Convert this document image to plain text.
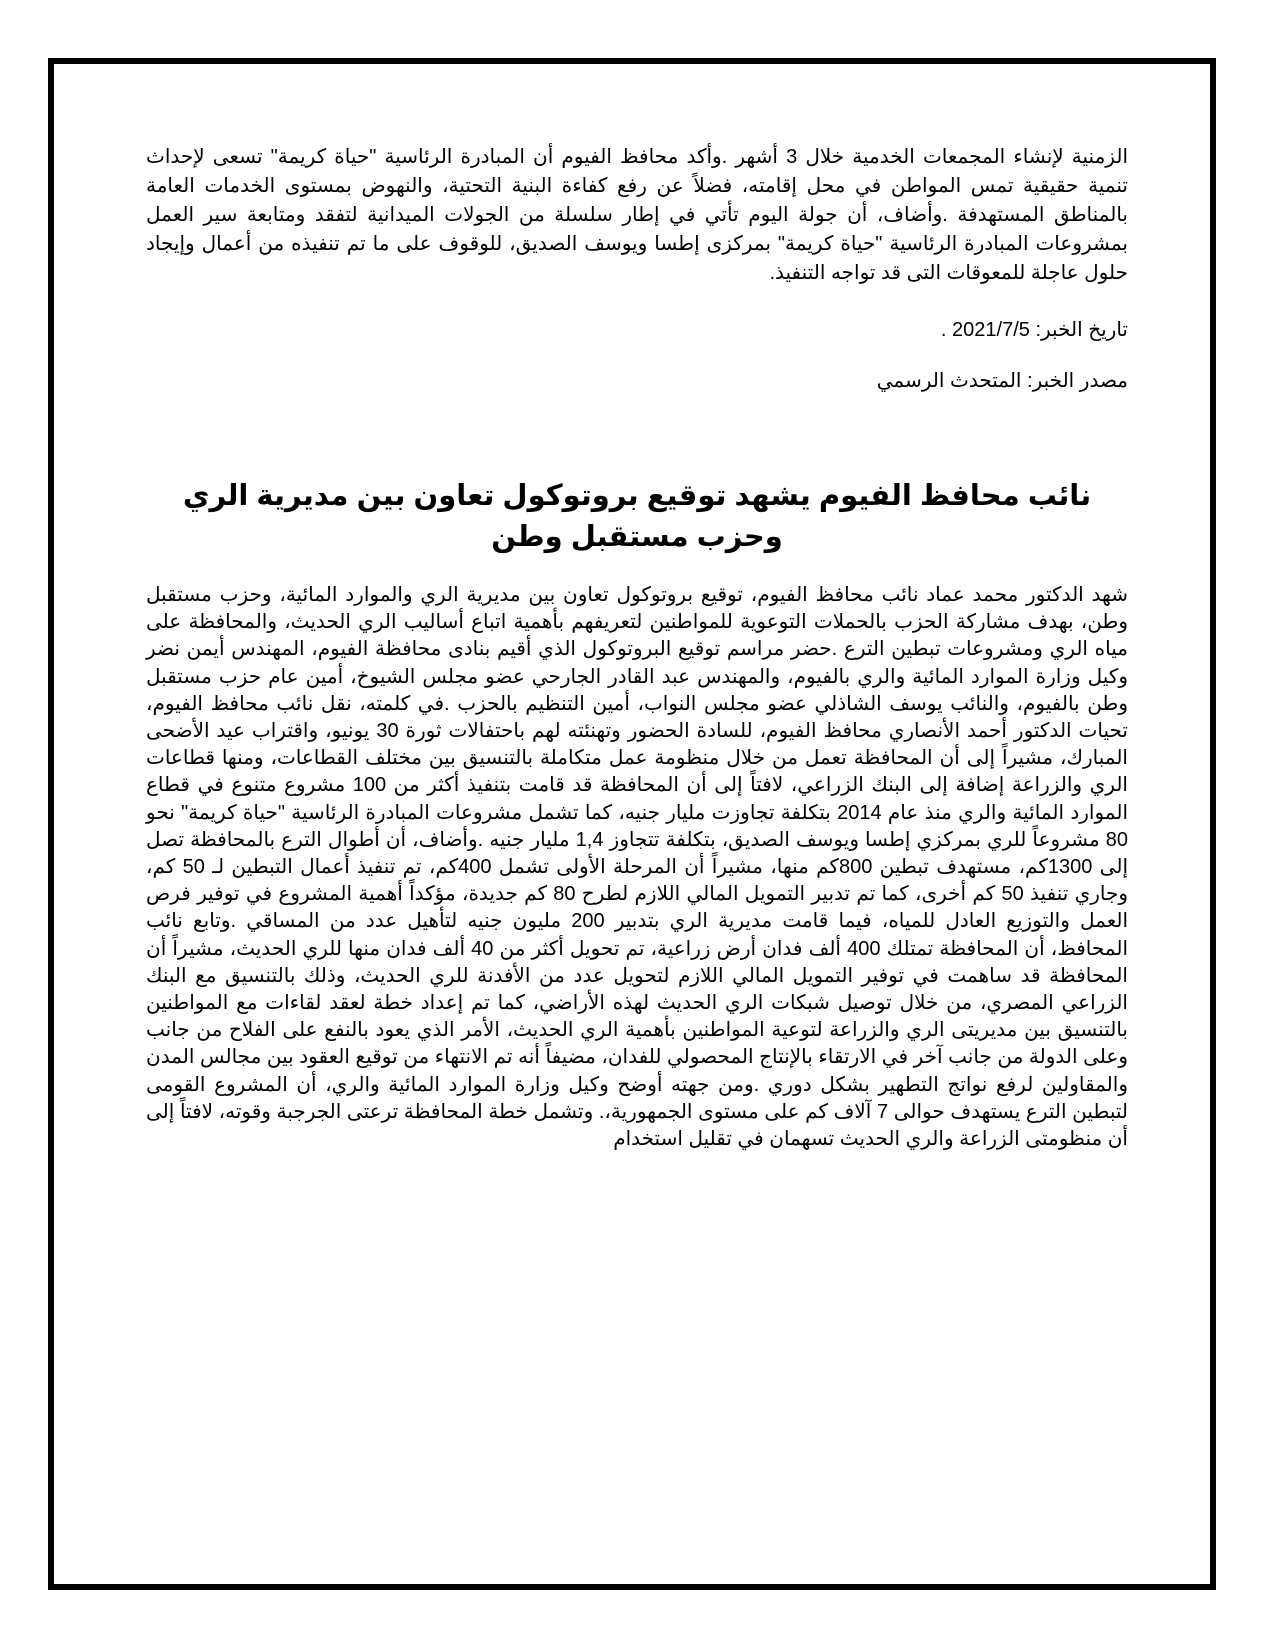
الزمنية لإنشاء المجمعات الخدمية خلال 3 أشهر .وأكد محافظ الفيوم أن المبادرة الرئاسية "حياة كريمة" تسعى لإحداث تنمية حقيقية تمس المواطن في محل إقامته، فضلاً عن رفع كفاءة البنية التحتية، والنهوض بمستوى الخدمات العامة بالمناطق المستهدفة .وأضاف، أن جولة اليوم تأتي في إطار سلسلة من الجولات الميدانية لتفقد ومتابعة سير العمل بمشروعات المبادرة الرئاسية "حياة كريمة" بمركزى إطسا ويوسف الصديق، للوقوف على ما تم تنفيذه من أعمال وإيجاد حلول عاجلة للمعوقات التى قد تواجه التنفيذ.

تاريخ الخبر: 2021/7/5 .

مصدر الخبر: المتحدث الرسمي

نائب محافظ الفيوم يشهد توقيع بروتوكول تعاون بين مديرية الري وحزب مستقبل وطن

شهد الدكتور محمد عماد نائب محافظ الفيوم، توقيع بروتوكول تعاون بين مديرية الري والموارد المائية، وحزب مستقبل وطن، بهدف مشاركة الحزب بالحملات التوعوية للمواطنين لتعريفهم بأهمية اتباع أساليب الري الحديث، والمحافظة على مياه الري ومشروعات تبطين الترع .حضر مراسم توقيع البروتوكول الذي أقيم بنادى محافظة الفيوم، المهندس أيمن نضر وكيل وزارة الموارد المائية والري بالفيوم، والمهندس عبد القادر الجارحي عضو مجلس الشيوخ، أمين عام حزب مستقبل وطن بالفيوم، والنائب يوسف الشاذلي عضو مجلس النواب، أمين التنظيم بالحزب .في كلمته، نقل نائب محافظ الفيوم، تحيات الدكتور أحمد الأنصاري محافظ الفيوم، للسادة الحضور وتهنئته لهم باحتفالات ثورة 30 يونيو، واقتراب عيد الأضحى المبارك، مشيراً إلى أن المحافظة تعمل من خلال منظومة عمل متكاملة بالتنسيق بين مختلف القطاعات، ومنها قطاعات الري والزراعة إضافة إلى البنك الزراعي، لافتاً إلى أن المحافظة قد قامت بتنفيذ أكثر من 100 مشروع متنوع في قطاع الموارد المائية والري منذ عام 2014 بتكلفة تجاوزت مليار جنيه، كما تشمل مشروعات المبادرة الرئاسية "حياة كريمة" نحو 80 مشروعاً للري بمركزي إطسا ويوسف الصديق، بتكلفة تتجاوز 1,4 مليار جنيه .وأضاف، أن أطوال الترع بالمحافظة تصل إلى 1300كم، مستهدف تبطين 800كم منها، مشيراً أن المرحلة الأولى تشمل 400كم، تم تنفيذ أعمال التبطين لـ 50 كم، وجاري تنفيذ 50 كم أخرى، كما تم تدبير التمويل المالي اللازم لطرح 80 كم جديدة، مؤكداً أهمية المشروع في توفير فرص العمل والتوزيع العادل للمياه، فيما قامت مديرية الري بتدبير 200 مليون جنيه لتأهيل عدد من المساقي .وتابع نائب المحافظ، أن المحافظة تمتلك 400 ألف فدان أرض زراعية، تم تحويل أكثر من 40 ألف فدان منها للري الحديث، مشيراً أن المحافظة قد ساهمت في توفير التمويل المالي اللازم لتحويل عدد من الأفدنة للري الحديث، وذلك بالتنسيق مع البنك الزراعي المصري، من خلال توصيل شبكات الري الحديث لهذه الأراضي، كما تم إعداد خطة لعقد لقاءات مع المواطنين بالتنسيق بين مديريتى الري والزراعة لتوعية المواطنين بأهمية الري الحديث، الأمر الذي يعود بالنفع على الفلاح من جانب وعلى الدولة من جانب آخر في الارتقاء بالإنتاج المحصولي للفدان، مضيفاً أنه تم الانتهاء من توقيع العقود بين مجالس المدن والمقاولين لرفع نواتج التطهير بشكل دوري .ومن جهته أوضح وكيل وزارة الموارد المائية والري، أن المشروع القومى لتبطين الترع يستهدف حوالى 7 آلاف كم على مستوى الجمهورية،. وتشمل خطة المحافظة ترعتى الجرجبة وقوته، لافتاً إلى أن منظومتى الزراعة والري الحديث تسهمان في تقليل استخدام
